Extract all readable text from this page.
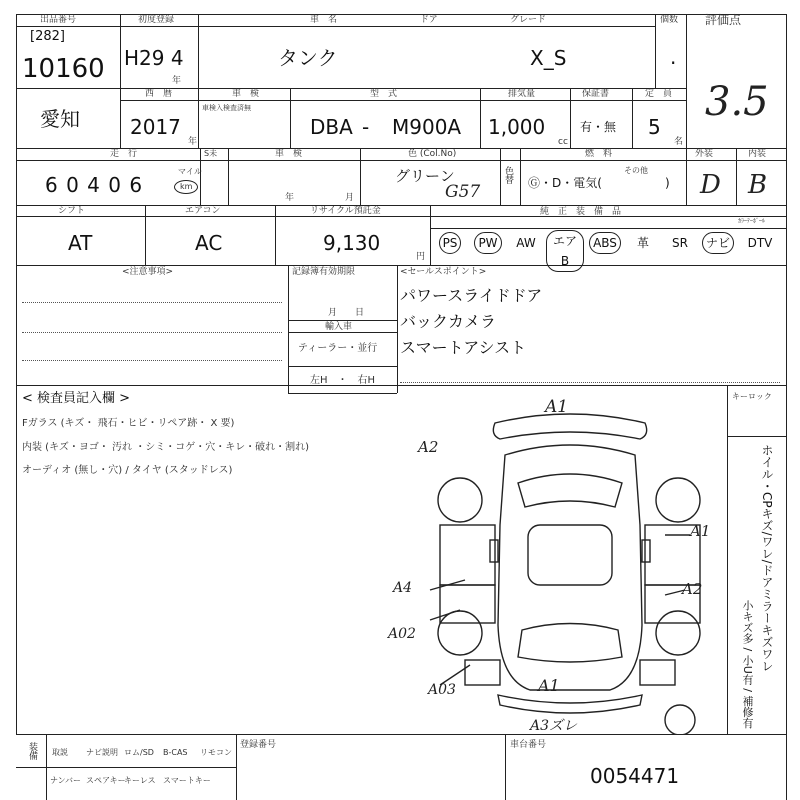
出品番号
[282]
10160
初度登録
H29 4
年
車　名	ドア	グレード
タンク	X_S
個数
·
評価点
3.5
愛知
西　暦
2017
年
車　検
車検入検査済無
型　式
DBA - M900A
排気量
1,000
cc
保証書
有・無
定　員
5
名
走　行
6 0 4 0 6
マイル
km
S未	車　検
年	月
色 (Col.No)
グリーン
G57
色替
燃　料
Ⓖ・D・電気(
その他
)
外装
D
内装
B
シフト
AT
エアコン
AC
リサイクル預託金
9,130
円
純　正　装　備　品
ｶﾗｰﾃｰﾎﾞｰﾙ
PS	PW	AW	エアB
ABS	革	SR	ナビ	DTV
<注意事項>	記録簿有効期限
月　　日
輸入車
ティーラー・並行
左H　・　右H
<セールスポイント>
パワースライドドア
バックカメラ
スマートアシスト
< 検査員記入欄 >
Fガラス (キズ・ 飛石・ヒビ・リペア跡・ X 要)
内装 (キズ・ヨゴ・ 汚れ ・シミ・コゲ・穴・キレ・破れ・割れ)
オーディオ (無し・穴) / タイヤ (スタッドレス)
キーロック
ホイル・CPキズ/ワレ/ドアミラーキズワレ
小キズ多 / 小U有 / 補修有
A1
A2
A1
A2
A4
A02
A03	A1
A3ズレ
装備 取説 ナビ説明 ロム/SD B-CAS リモコン
ナンバー スペアキー
キーレス スマートキー
登録番号	車台番号
0054471
